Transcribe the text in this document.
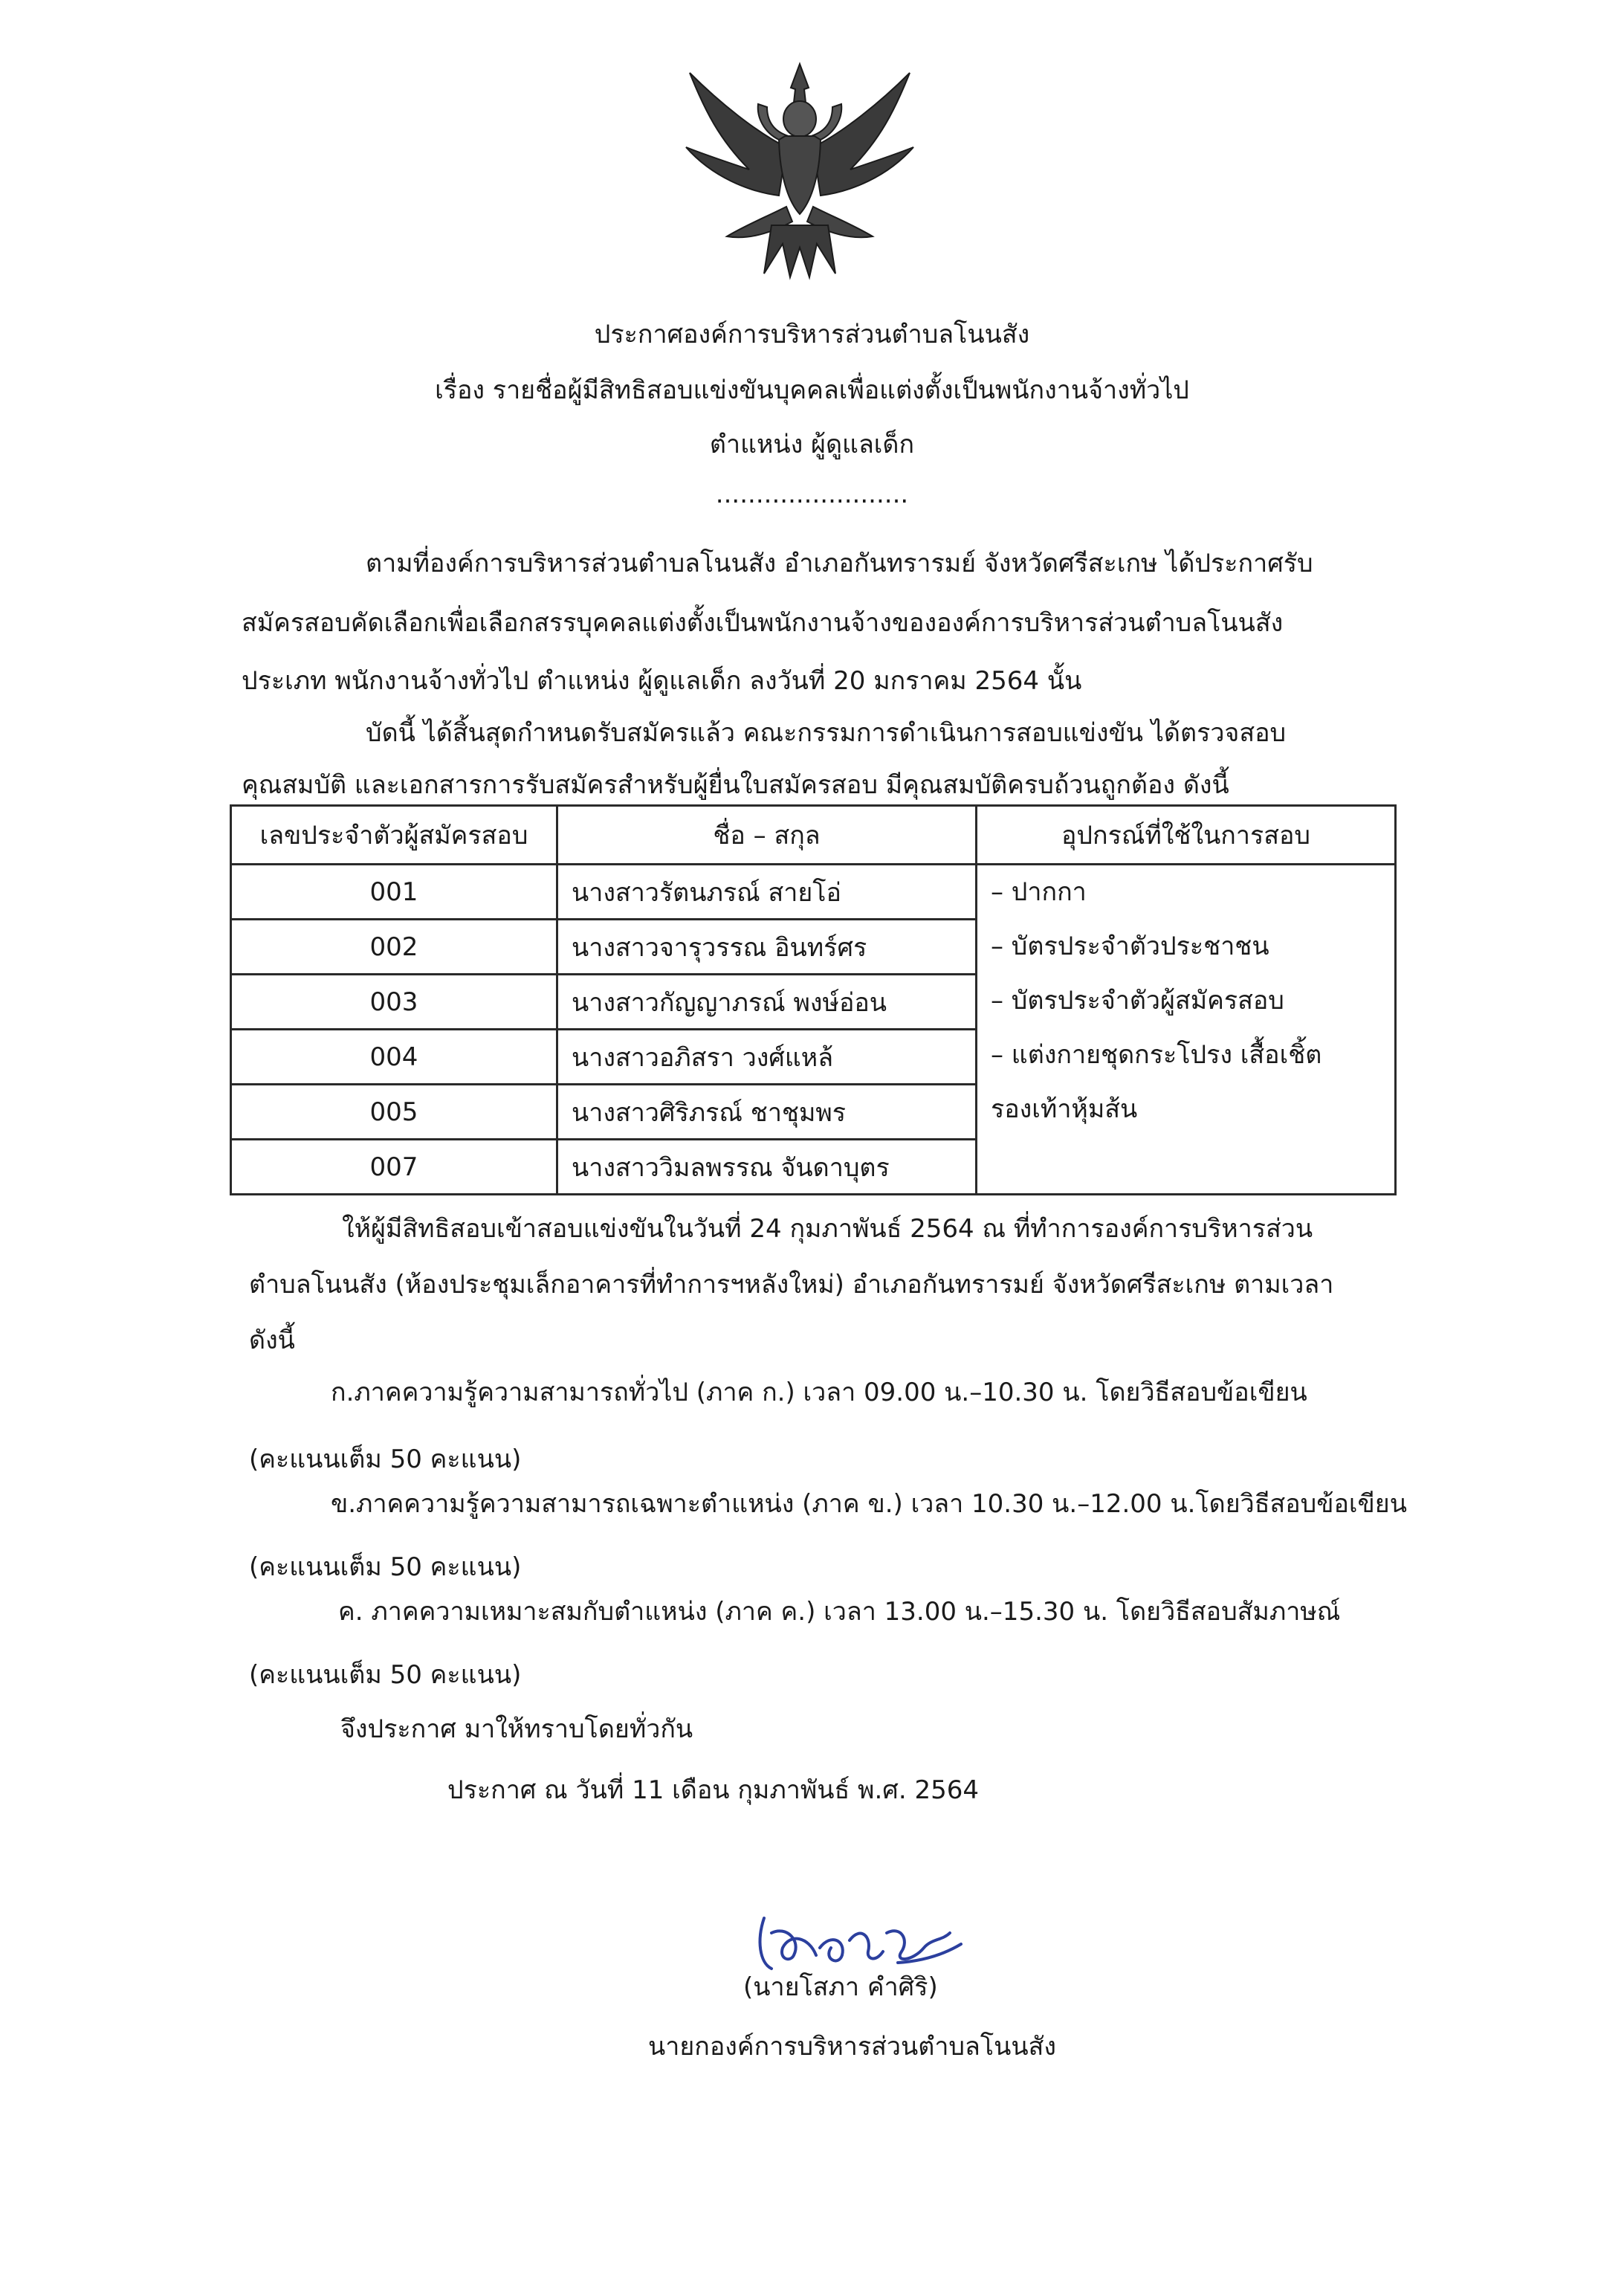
ประกาศองค์การบริหารส่วนตำบลโนนสัง
เรื่อง รายชื่อผู้มีสิทธิสอบแข่งขันบุคคลเพื่อแต่งตั้งเป็นพนักงานจ้างทั่วไป
ตำแหน่ง ผู้ดูแลเด็ก
........................
ตามที่องค์การบริหารส่วนตำบลโนนสัง อำเภอกันทรารมย์ จังหวัดศรีสะเกษ ได้ประกาศรับ
สมัครสอบคัดเลือกเพื่อเลือกสรรบุคคลแต่งตั้งเป็นพนักงานจ้างขององค์การบริหารส่วนตำบลโนนสัง
ประเภท พนักงานจ้างทั่วไป ตำแหน่ง ผู้ดูแลเด็ก ลงวันที่ 20 มกราคม 2564 นั้น
บัดนี้ ได้สิ้นสุดกำหนดรับสมัครแล้ว คณะกรรมการดำเนินการสอบแข่งขัน ได้ตรวจสอบ
คุณสมบัติ และเอกสารการรับสมัครสำหรับผู้ยื่นใบสมัครสอบ มีคุณสมบัติครบถ้วนถูกต้อง ดังนี้
เลขประจำตัวผู้สมัครสอบ	ชื่อ – สกุล	อุปกรณ์ที่ใช้ในการสอบ
001	นางสาวรัตนภรณ์ สายโอ่	– ปากกา
– บัตรประจำตัวประชาชน
– บัตรประจำตัวผู้สมัครสอบ
– แต่งกายชุดกระโปรง เสื้อเชิ้ต
รองเท้าหุ้มส้น

002	นางสาวจารุวรรณ อินทร์ศร	
003	นางสาวกัญญาภรณ์ พงษ์อ่อน	
004	นางสาวอภิสรา วงศ์แหล้	
005	นางสาวศิริภรณ์ ชาชุมพร	
007	นางสาววิมลพรรณ จันดาบุตร	
ให้ผู้มีสิทธิสอบเข้าสอบแข่งขันในวันที่ 24 กุมภาพันธ์ 2564 ณ ที่ทำการองค์การบริหารส่วน
ตำบลโนนสัง (ห้องประชุมเล็กอาคารที่ทำการฯหลังใหม่) อำเภอกันทรารมย์ จังหวัดศรีสะเกษ ตามเวลา
ดังนี้
ก.ภาคความรู้ความสามารถทั่วไป (ภาค ก.) เวลา 09.00 น.–10.30 น. โดยวิธีสอบข้อเขียน
(คะแนนเต็ม 50 คะแนน)
ข.ภาคความรู้ความสามารถเฉพาะตำแหน่ง (ภาค ข.) เวลา 10.30 น.–12.00 น.โดยวิธีสอบข้อเขียน
(คะแนนเต็ม 50 คะแนน)
ค. ภาคความเหมาะสมกับตำแหน่ง (ภาค ค.) เวลา 13.00 น.–15.30 น. โดยวิธีสอบสัมภาษณ์
(คะแนนเต็ม 50 คะแนน)
จึงประกาศ มาให้ทราบโดยทั่วกัน
ประกาศ ณ วันที่ 11 เดือน กุมภาพันธ์ พ.ศ. 2564
(นายโสภา คำศิริ)
นายกองค์การบริหารส่วนตำบลโนนสัง
